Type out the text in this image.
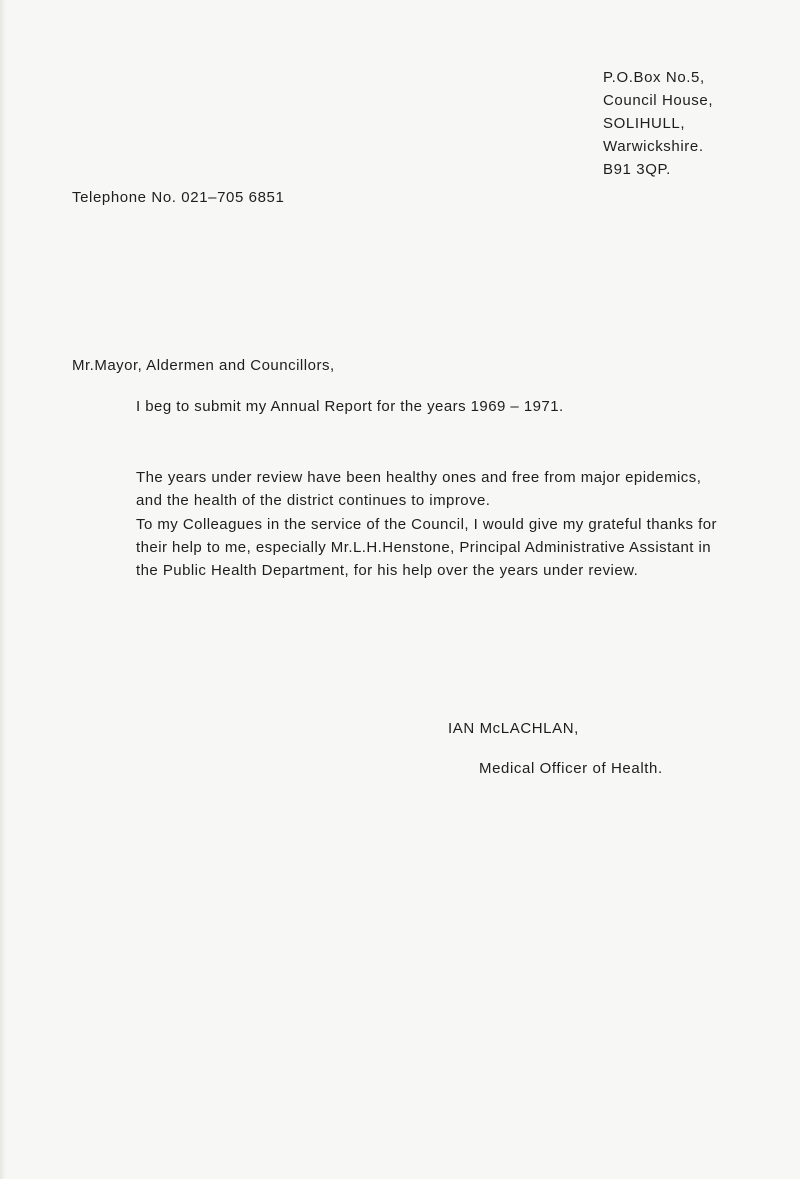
P.O.Box No.5,
Council House,
SOLIHULL,
Warwickshire.
B91 3QP.
Telephone No. 021–705 6851
Mr.Mayor, Aldermen and Councillors,
I beg to submit my Annual Report for the years 1969 – 1971.
The years under review have been healthy ones and free from major epidemics, and the health of the district continues to improve.
To my Colleagues in the service of the Council, I would give my grateful thanks for their help to me, especially Mr.L.H.Henstone, Principal Administrative Assistant in the Public Health Department, for his help over the years under review.
IAN McLACHLAN,
Medical Officer of Health.
